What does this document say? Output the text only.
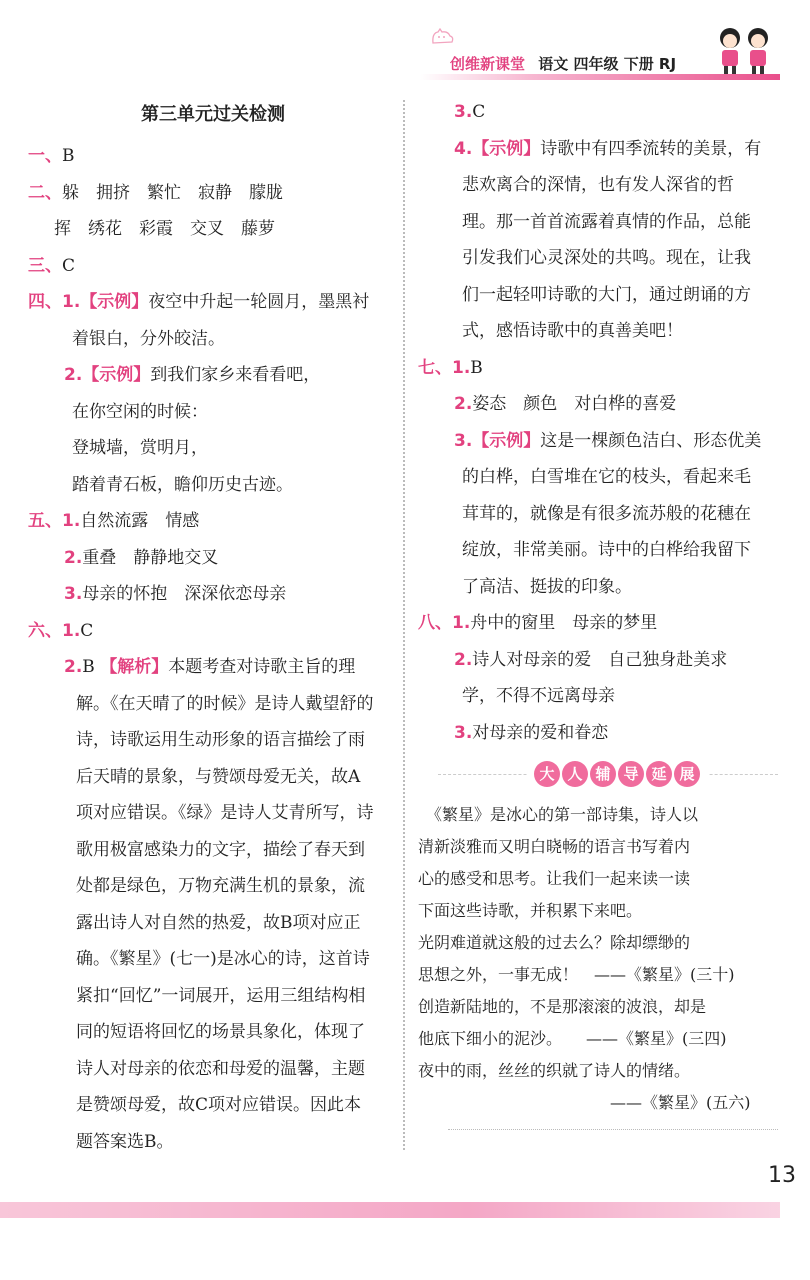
创维新课堂 语文 四年级 下册 RJ
第三单元过关检测
一、B
二、躲　拥挤　繁忙　寂静　朦胧
挥　绣花　彩霞　交叉　藤萝
三、C
四、1.【示例】夜空中升起一轮圆月，墨黑衬
着银白，分外皎洁。
2.【示例】到我们家乡来看看吧，
在你空闲的时候：
登城墙，赏明月，
踏着青石板，瞻仰历史古迹。
五、1.自然流露　情感
2.重叠　静静地交叉
3.母亲的怀抱　深深依恋母亲
六、1.C
2.B 【解析】本题考查对诗歌主旨的理
解。《在天晴了的时候》是诗人戴望舒的
诗，诗歌运用生动形象的语言描绘了雨
后天晴的景象，与赞颂母爱无关，故A
项对应错误。《绿》是诗人艾青所写，诗
歌用极富感染力的文字，描绘了春天到
处都是绿色，万物充满生机的景象，流
露出诗人对自然的热爱，故B项对应正
确。《繁星》(七一)是冰心的诗，这首诗
紧扣“回忆”一词展开，运用三组结构相
同的短语将回忆的场景具象化，体现了
诗人对母亲的依恋和母爱的温馨，主题
是赞颂母爱，故C项对应错误。因此本
题答案选B。
3.C
4.【示例】诗歌中有四季流转的美景，有
悲欢离合的深情，也有发人深省的哲
理。那一首首流露着真情的作品，总能
引发我们心灵深处的共鸣。现在，让我
们一起轻叩诗歌的大门，通过朗诵的方
式，感悟诗歌中的真善美吧！
七、1.B
2.姿态　颜色　对白桦的喜爱
3.【示例】这是一棵颜色洁白、形态优美
的白桦，白雪堆在它的枝头，看起来毛
茸茸的，就像是有很多流苏般的花穗在
绽放，非常美丽。诗中的白桦给我留下
了高洁、挺拔的印象。
八、1.舟中的窗里　母亲的梦里
2.诗人对母亲的爱　自己独身赴美求
学，不得不远离母亲
3.对母亲的爱和眷恋
大 人 辅 导 延 展
　《繁星》是冰心的第一部诗集，诗人以
清新淡雅而又明白晓畅的语言书写着内
心的感受和思考。让我们一起来读一读
下面这些诗歌，并积累下来吧。
光阴难道就这般的过去么？除却缥缈的
思想之外，一事无成！　——《繁星》(三十)
创造新陆地的，不是那滚滚的波浪，却是
他底下细小的泥沙。　　——《繁星》(三四)
夜中的雨，丝丝的织就了诗人的情绪。
　　　　　　　　　　　　——《繁星》(五六)
13
